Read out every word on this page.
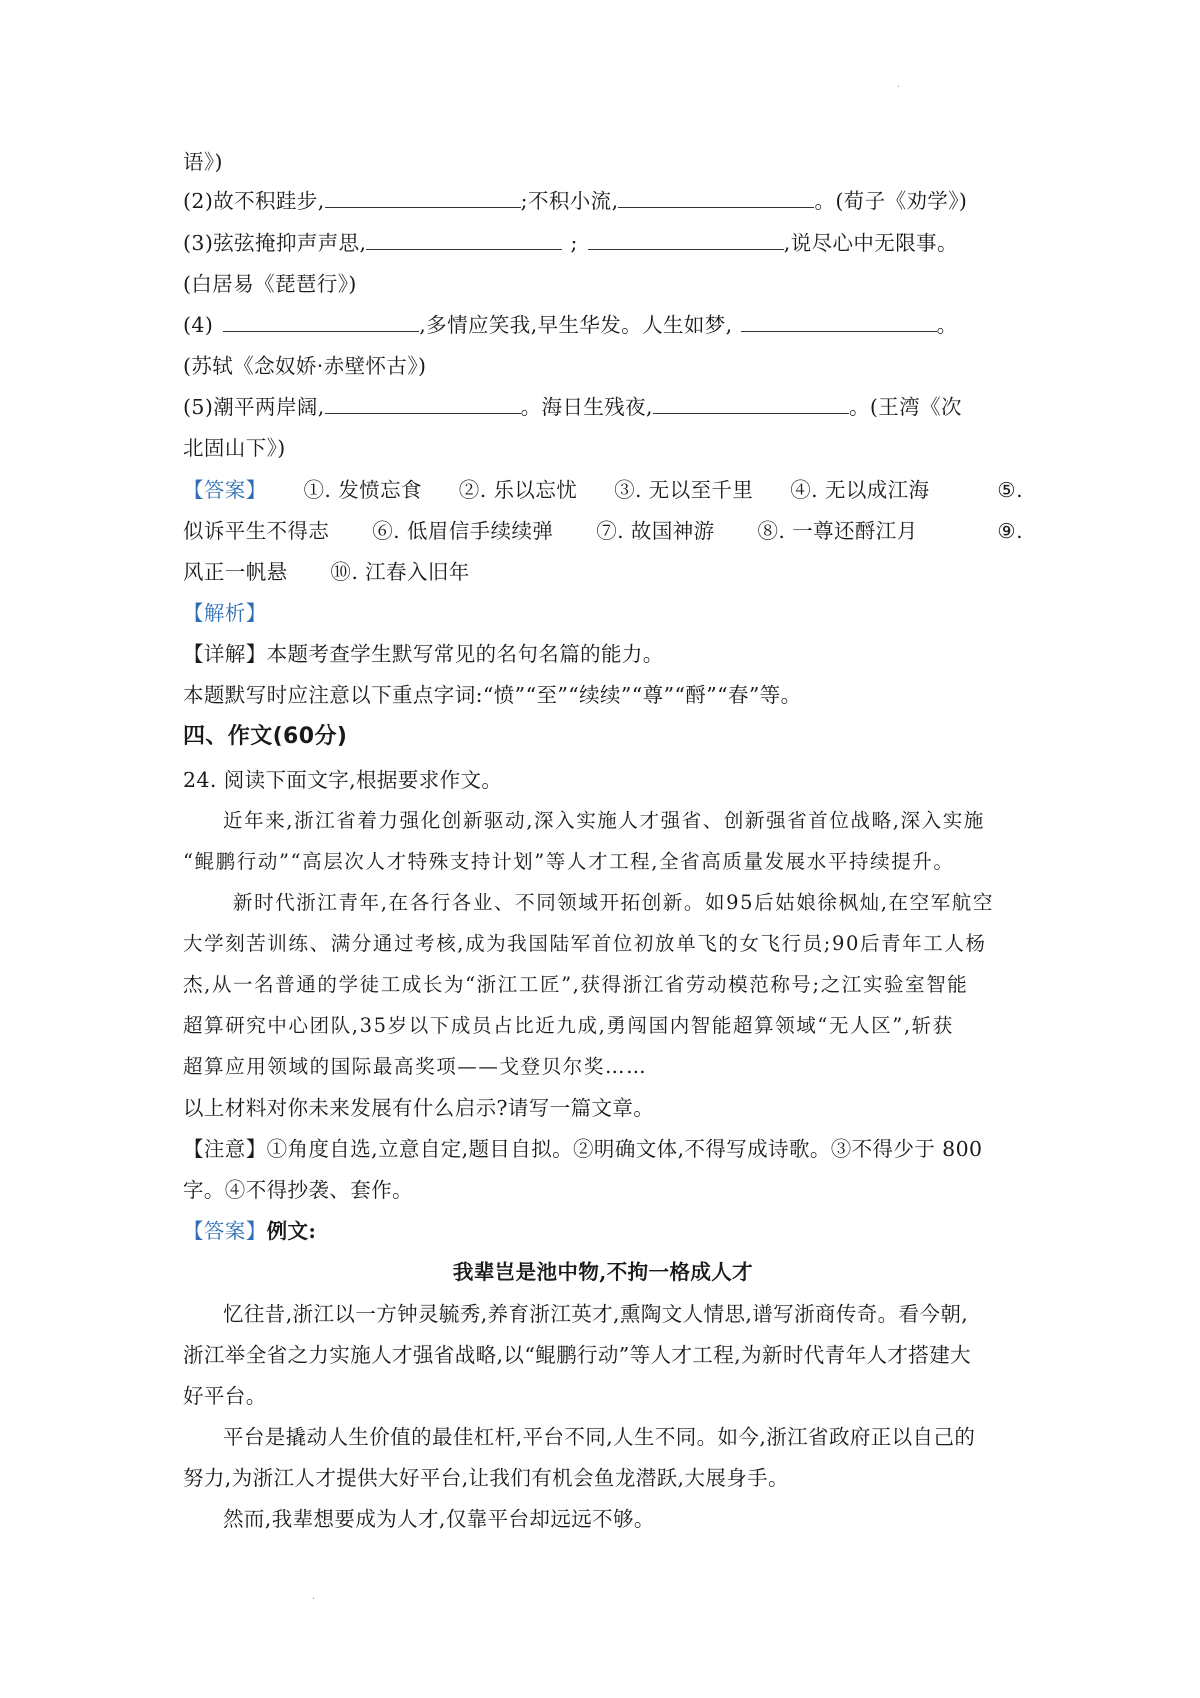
·
语》)
(2)故不积跬步,	;不积小流,	。(荀子《劝学》)
(3)弦弦掩抑声声思,	;	,说尽心中无限事。
(白居易《琵琶行》)
(4)	,多情应笑我,早生华发。人生如梦,	。
(苏轼《念奴娇·赤壁怀古》)
(5)潮平两岸阔,	。海日生残夜,	。(王湾《次
北固山下》)
【答案】 ①. 发愤忘食 ②. 乐以忘忧 ③. 无以至千里 ④. 无以成江海	⑤.
似诉平生不得志 ⑥. 低眉信手续续弹 ⑦. 故国神游 ⑧. 一尊还酹江月	⑨.
风正一帆悬 ⑩. 江春入旧年
【解析】
【详解】本题考查学生默写常见的名句名篇的能力。
本题默写时应注意以下重点字词:“愤”“至”“续续”“尊”“酹”“春”等。
四、作文(60分)
24. 阅读下面文字,根据要求作文。
近年来,浙江省着力强化创新驱动,深入实施人才强省、创新强省首位战略,深入实施
“鲲鹏行动”“高层次人才特殊支持计划”等人才工程,全省高质量发展水平持续提升。
新时代浙江青年,在各行各业、不同领域开拓创新。如95后姑娘徐枫灿,在空军航空
大学刻苦训练、满分通过考核,成为我国陆军首位初放单飞的女飞行员;90后青年工人杨
杰,从一名普通的学徒工成长为“浙江工匠”,获得浙江省劳动模范称号;之江实验室智能
超算研究中心团队,35岁以下成员占比近九成,勇闯国内智能超算领域“无人区”,斩获
超算应用领域的国际最高奖项——戈登贝尔奖……
以上材料对你未来发展有什么启示?请写一篇文章。
【注意】①角度自选,立意自定,题目自拟。②明确文体,不得写成诗歌。③不得少于 800
字。④不得抄袭、套作。
【答案】例文:
我辈岂是池中物,不拘一格成人才
忆往昔,浙江以一方钟灵毓秀,养育浙江英才,熏陶文人情思,谱写浙商传奇。看今朝,
浙江举全省之力实施人才强省战略,以“鲲鹏行动”等人才工程,为新时代青年人才搭建大
好平台。
平台是撬动人生价值的最佳杠杆,平台不同,人生不同。如今,浙江省政府正以自己的
努力,为浙江人才提供大好平台,让我们有机会鱼龙潜跃,大展身手。
然而,我辈想要成为人才,仅靠平台却远远不够。
·
